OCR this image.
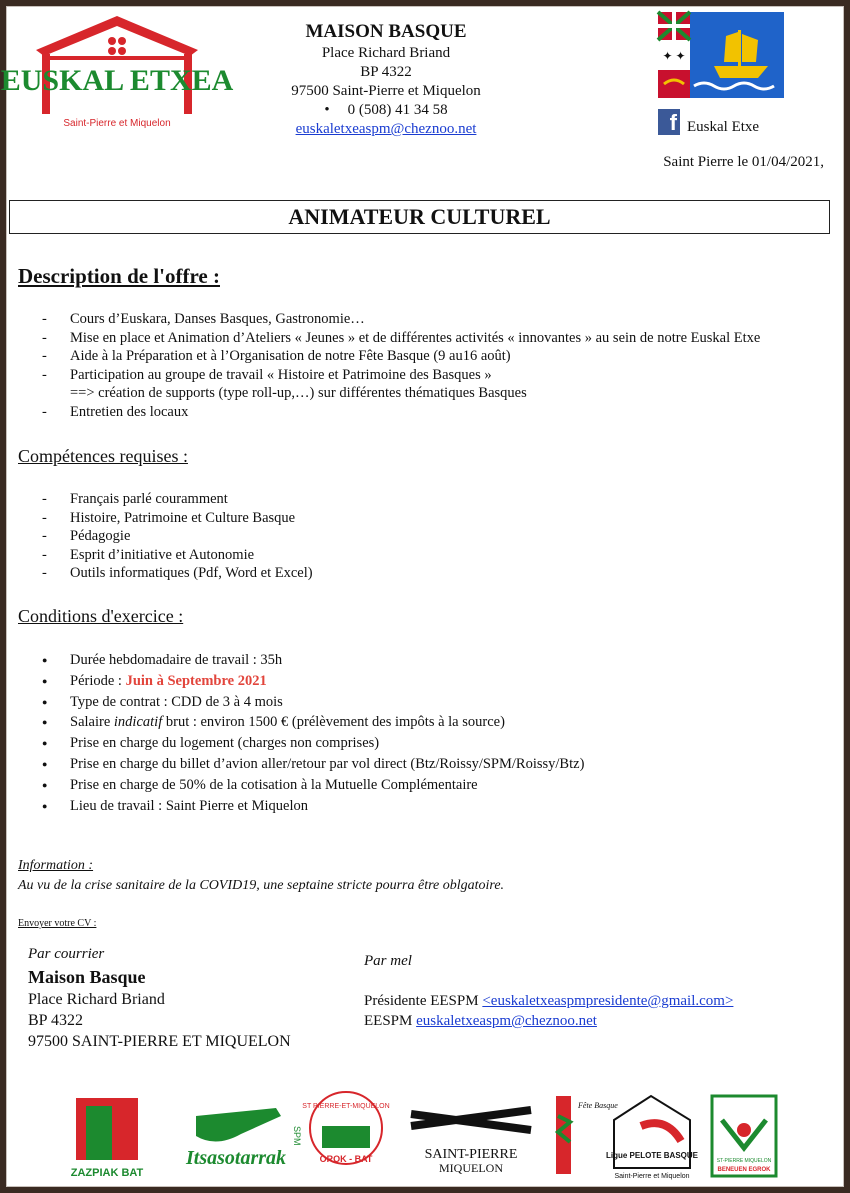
EUSKAL ETXEA
Saint-Pierre et Miquelon
MAISON BASQUE
Place Richard Briand
BP 4322
97500 Saint-Pierre et Miquelon
• 0 (508) 41 34 58
euskaletxeaspm@cheznoo.net
✦ ✦
f Euskal Etxe
Saint Pierre le 01/04/2021,
ANIMATEUR CULTUREL
Description de l'offre :
- Cours d’Euskara, Danses Basques, Gastronomie…
- Mise en place et Animation d’Ateliers « Jeunes » et de différentes activités « innovantes » au sein de notre Euskal Etxe
- Aide à la Préparation et à l’Organisation de notre Fête Basque (9 au16 août)
- Participation au groupe de travail « Histoire et Patrimoine des Basques »
==> création de supports (type roll-up,…) sur différentes thématiques Basques
- Entretien des locaux
Compétences requises :
- Français parlé couramment
- Histoire, Patrimoine et Culture Basque
- Pédagogie
- Esprit d’initiative et Autonomie
- Outils informatiques (Pdf, Word et Excel)
Conditions d'exercice :
● Durée hebdomadaire de travail : 35h
● Période : Juin à Septembre 2021
● Type de contrat : CDD de 3 à 4 mois
● Salaire indicatif brut : environ 1500 € (prélèvement des impôts à la source)
● Prise en charge du logement (charges non comprises)
● Prise en charge du billet d’avion aller/retour par vol direct (Btz/Roissy/SPM/Roissy/Btz)
● Prise en charge de 50% de la cotisation à la Mutuelle Complémentaire
● Lieu de travail : Saint Pierre et Miquelon
Information :
Au vu de la crise sanitaire de la COVID19, une septaine stricte pourra être oblgatoire.
Envoyer votre CV :
Par courrier
Maison Basque
Place Richard Briand
BP 4322
97500 SAINT-PIERRE ET MIQUELON
Par mel
Présidente EESPM <euskaletxeaspmpresidente@gmail.com>
EESPM euskaletxeaspm@cheznoo.net
ZAZPIAK BAT
Itsasotarrak
SPM
ST PIERRE-ET-MIQUELON
OROK - BAT	SAINT-PIERRE
MIQUELON
Fête Basque
Ligue PELOTE BASQUE
Saint-Pierre et Miquelon
ST-PIERRE MIQUELON
BENEUEN EGROK
